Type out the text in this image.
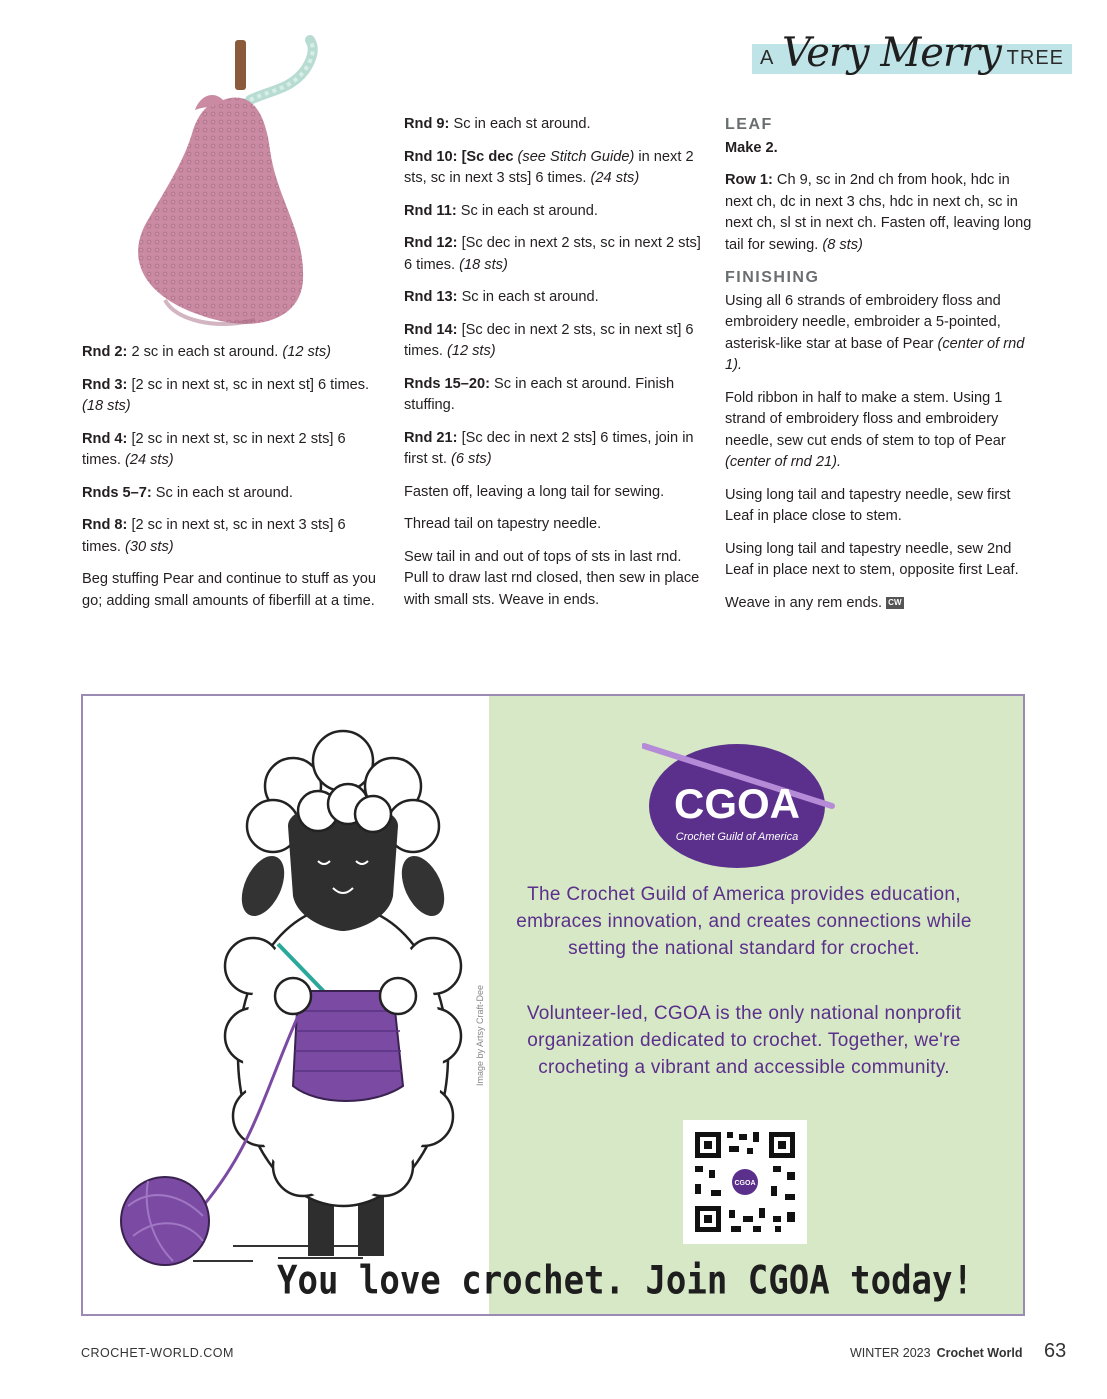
A Very Merry TREE

Rnd 2: 2 sc in each st around. (12 sts)

Rnd 3: [2 sc in next st, sc in next st] 6 times. (18 sts)

Rnd 4: [2 sc in next st, sc in next 2 sts] 6 times. (24 sts)

Rnds 5–7: Sc in each st around.

Rnd 8: [2 sc in next st, sc in next 3 sts] 6 times. (30 sts)

Beg stuffing Pear and continue to stuff as you go; adding small amounts of fiberfill at a time.

Rnd 9: Sc in each st around.

Rnd 10: [Sc dec (see Stitch Guide) in next 2 sts, sc in next 3 sts] 6 times. (24 sts)

Rnd 11: Sc in each st around.

Rnd 12: [Sc dec in next 2 sts, sc in next 2 sts] 6 times. (18 sts)

Rnd 13: Sc in each st around.

Rnd 14: [Sc dec in next 2 sts, sc in next st] 6 times. (12 sts)

Rnds 15–20: Sc in each st around. Finish stuffing.

Rnd 21: [Sc dec in next 2 sts] 6 times, join in first st. (6 sts)

Fasten off, leaving a long tail for sewing.

Thread tail on tapestry needle.

Sew tail in and out of tops of sts in last rnd. Pull to draw last rnd closed, then sew in place with small sts. Weave in ends.

LEAF

Make 2.

Row 1: Ch 9, sc in 2nd ch from hook, hdc in next ch, dc in next 3 chs, hdc in next ch, sc in next ch, sl st in next ch. Fasten off, leaving long tail for sewing. (8 sts)

FINISHING

Using all 6 strands of embroidery floss and embroidery needle, embroider a 5-pointed, asterisk-like star at base of Pear (center of rnd 1).

Fold ribbon in half to make a stem. Using 1 strand of embroidery floss and embroidery needle, sew cut ends of stem to top of Pear (center of rnd 21).

Using long tail and tapestry needle, sew first Leaf in place close to stem.

Using long tail and tapestry needle, sew 2nd Leaf in place next to stem, opposite first Leaf.

Weave in any rem ends. CW

Image by Artsy Craft-Dee
CGOA
Crochet Guild of America
The Crochet Guild of America provides education, embraces innovation, and creates connections while setting the national standard for crochet.
Volunteer-led, CGOA is the only national nonprofit organization dedicated to crochet. Together, we're crocheting a vibrant and accessible community.
CGOA
You love crochet. Join CGOA today!
CROCHET-WORLD.COM	WINTER 2023 Crochet World 63
